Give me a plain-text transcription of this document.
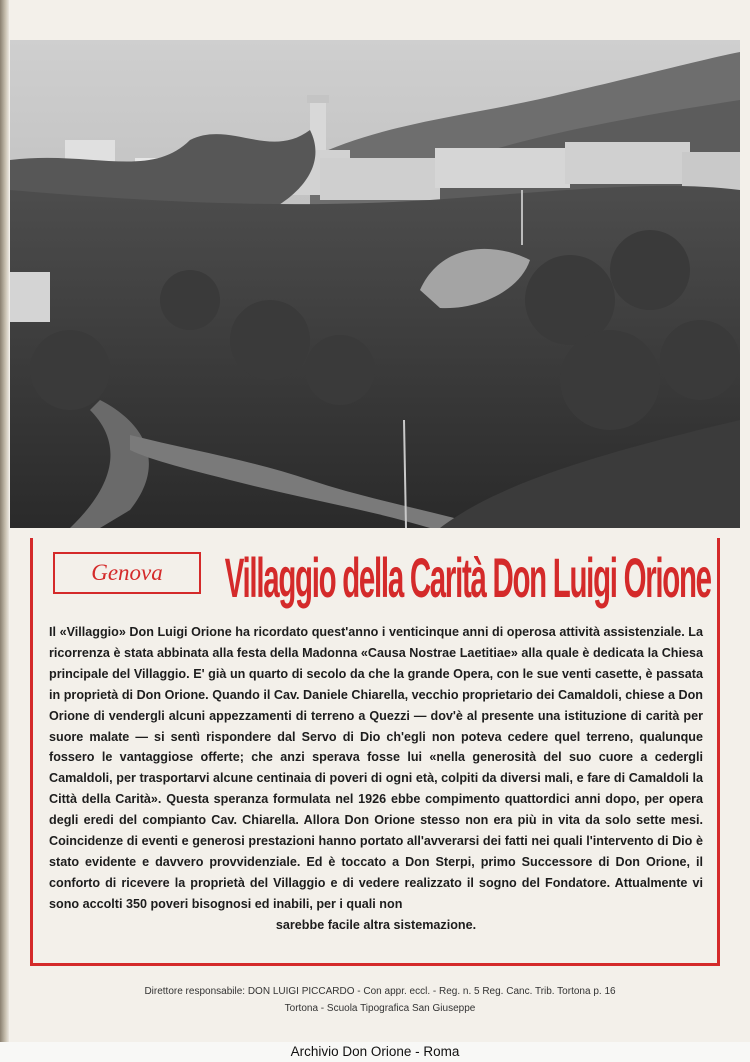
Genova Villaggio della Carità Don Luigi Orione

Il «Villaggio» Don Luigi Orione ha ricordato quest'anno i venticinque anni di operosa attività assistenziale. La ricorrenza è stata abbinata alla festa della Madonna «Causa Nostrae Laetitiae» alla quale è dedicata la Chiesa principale del Villaggio. E' già un quarto di secolo da che la grande Opera, con le sue venti casette, è passata in proprietà di Don Orione. Quando il Cav. Daniele Chiarella, vecchio proprietario dei Camaldoli, chiese a Don Orione di vendergli alcuni appezzamenti di terreno a Quezzi — dov'è al presente una istituzione di carità per suore malate — si sentì rispondere dal Servo di Dio ch'egli non poteva cedere quel terreno, qualunque fossero le vantaggiose offerte; che anzi sperava fosse lui «nella generosità del suo cuore a cedergli Camaldoli, per trasportarvi alcune centinaia di poveri di ogni età, colpiti da diversi mali, e fare di Camaldoli la Città della Carità». Questa speranza formulata nel 1926 ebbe compimento quattordici anni dopo, per opera degli eredi del compianto Cav. Chiarella. Allora Don Orione stesso non era più in vita da solo sette mesi. Coincidenze di eventi e generosi prestazioni hanno portato all'avverarsi dei fatti nei quali l'intervento di Dio è stato evidente e davvero provvidenziale. Ed è toccato a Don Sterpi, primo Successore di Don Orione, il conforto di ricevere la proprietà del Villaggio e di vedere realizzato il sogno del Fondatore. Attualmente vi sono accolti 350 poveri bisognosi ed inabili, per i quali non
sarebbe facile altra sistemazione.

Direttore responsabile: DON LUIGI PICCARDO - Con appr. eccl. - Reg. n. 5 Reg. Canc. Trib. Tortona p. 16
Tortona - Scuola Tipografica San Giuseppe
Archivio Don Orione - Roma
